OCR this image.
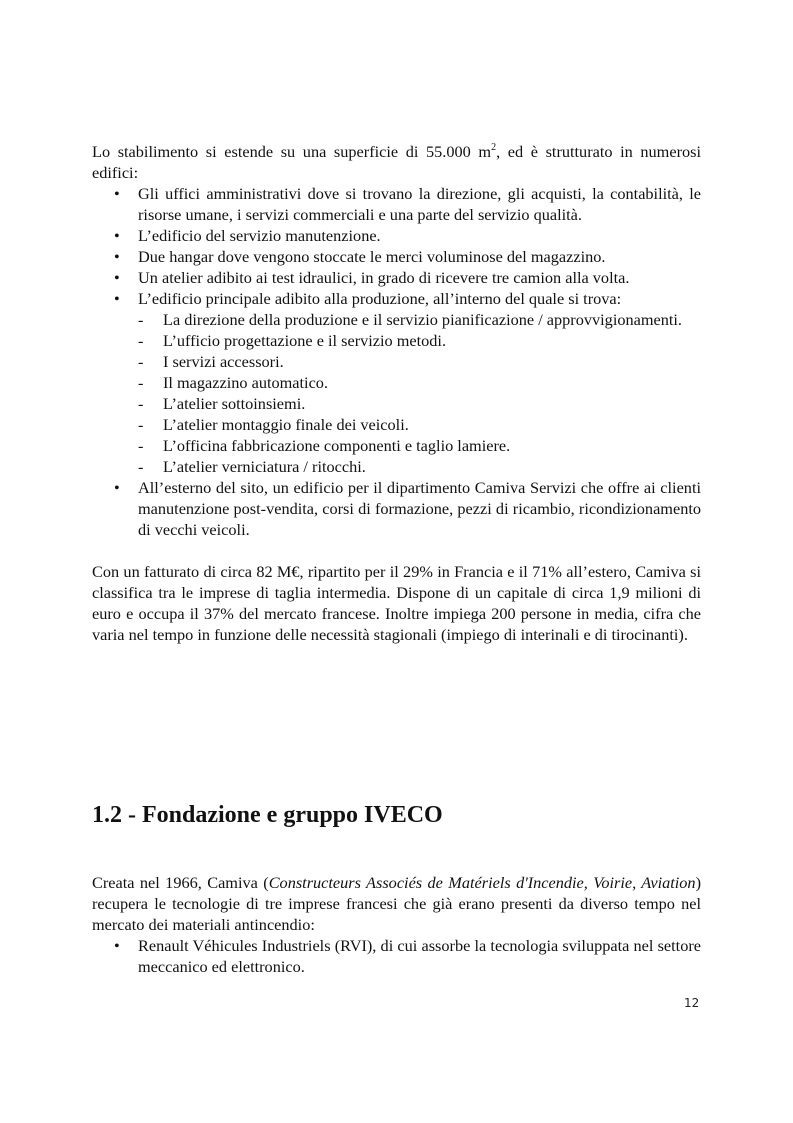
Lo stabilimento si estende su una superficie di 55.000 $m^2$, ed è strutturato in numerosi edifici:

• Gli uffici amministrativi dove si trovano la direzione, gli acquisti, la contabilità, le risorse umane, i servizi commerciali e una parte del servizio qualità.
• L’edificio del servizio manutenzione.
• Due hangar dove vengono stoccate le merci voluminose del magazzino.
• Un atelier adibito ai test idraulici, in grado di ricevere tre camion alla volta.
• L’edificio principale adibito alla produzione, all’interno del quale si trova:
- La direzione della produzione e il servizio pianificazione / approvvigionamenti.
- L’ufficio progettazione e il servizio metodi.
- I servizi accessori.
- Il magazzino automatico.
- L’atelier sottoinsiemi.
- L’atelier montaggio finale dei veicoli.
- L’officina fabbricazione componenti e taglio lamiere.
- L’atelier verniciatura / ritocchi.
• All’esterno del sito, un edificio per il dipartimento Camiva Servizi che offre ai clienti manutenzione post-vendita, corsi di formazione, pezzi di ricambio, ricondizionamento di vecchi veicoli.

Con un fatturato di circa 82 M€, ripartito per il 29% in Francia e il 71% all’estero, Camiva si classifica tra le imprese di taglia intermedia. Dispone di un capitale di circa 1,9 milioni di euro e occupa il 37% del mercato francese. Inoltre impiega 200 persone in media, cifra che varia nel tempo in funzione delle necessità stagionali (impiego di interinali e di tirocinanti).

1.2 - Fondazione e gruppo IVECO

Creata nel 1966, Camiva (Constructeurs Associés de Matériels d'Incendie, Voirie, Aviation) recupera le tecnologie di tre imprese francesi che già erano presenti da diverso tempo nel mercato dei materiali antincendio:

• Renault Véhicules Industriels (RVI), di cui assorbe la tecnologia sviluppata nel settore meccanico ed elettronico.
12
